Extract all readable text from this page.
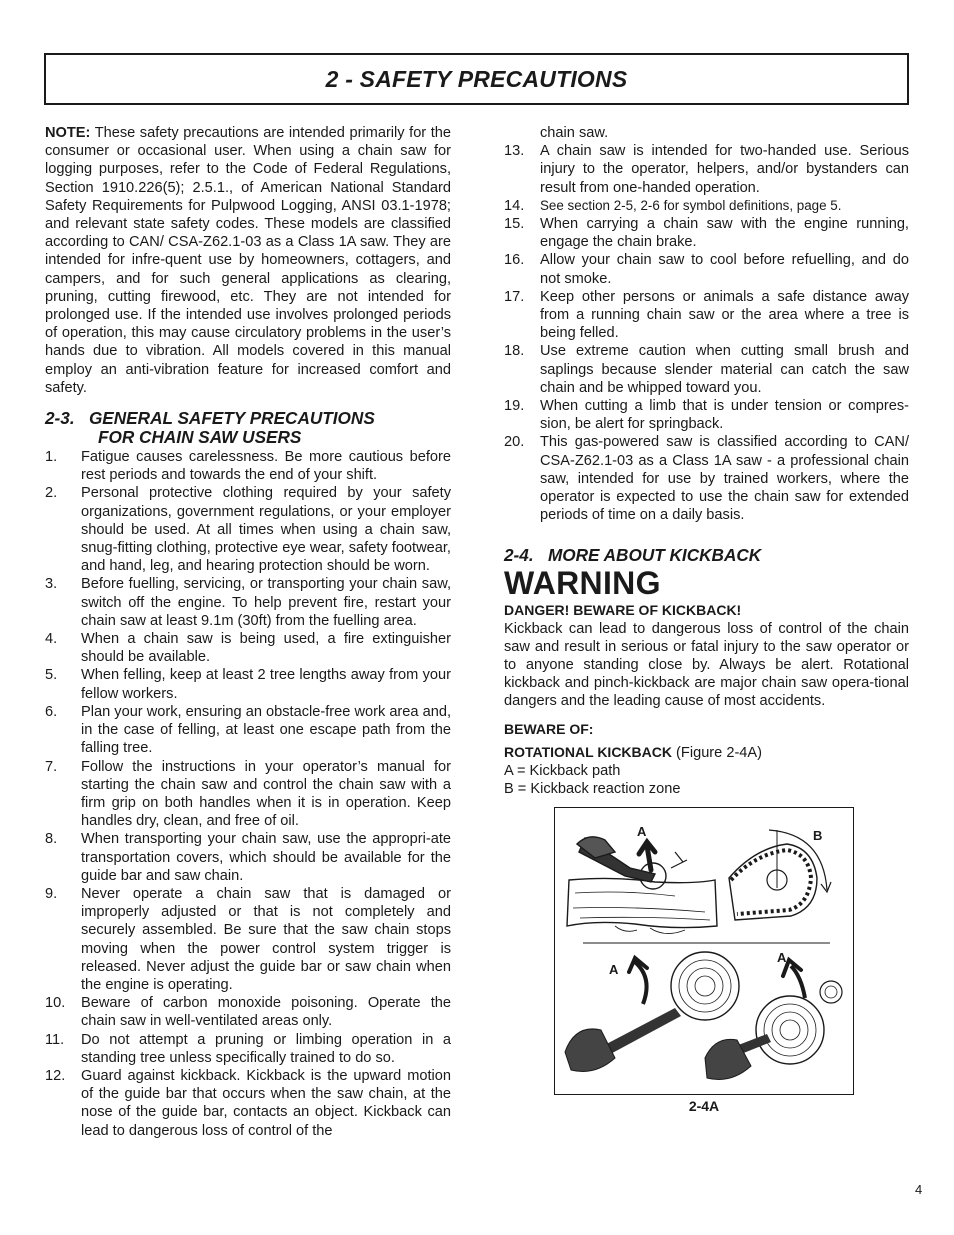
2 - SAFETY PRECAUTIONS

NOTE: These safety precautions are intended primarily for the consumer or occasional user. When using a chain saw for logging purposes, refer to the Code of Federal Regulations, Section 1910.226(5); 2.5.1., of American National Standard Safety Requirements for Pulpwood Logging, ANSI 03.1-1978; and relevant state safety codes. These models are classified according to CAN/ CSA-Z62.1-03 as a Class 1A saw. They are intended for infre-quent use by homeowners, cottagers, and campers, and for such general applications as clearing, pruning, cutting firewood, etc. They are not intended for prolonged use. If the intended use involves prolonged periods of operation, this may cause circulatory problems in the user’s hands due to vibration. All models covered in this manual employ an anti-vibration feature for increased comfort and safety.

2-3.   GENERAL SAFETY PRECAUTIONS
FOR CHAIN SAW USERS
1.	Fatigue causes carelessness. Be more cautious before rest periods and towards the end of your shift.
2.	Personal protective clothing required by your safety organizations, government regulations, or your employer should be used. At all times when using a chain saw, snug-fitting clothing, protective eye wear, safety footwear, and hand, leg, and hearing protection should be worn.
3.	Before fuelling, servicing, or transporting your chain saw, switch off the engine. To help prevent fire, restart your chain saw at least 9.1m (30ft) from the fuelling area.
4.	When a chain saw is being used, a fire extinguisher should be available.
5.	When felling, keep at least 2 tree lengths away from your fellow workers.
6.	Plan your work, ensuring an obstacle-free work area and, in the case of felling, at least one escape path from the falling tree.
7.	Follow the instructions in your operator’s manual for starting the chain saw and control the chain saw with a firm grip on both handles when it is in operation. Keep handles dry, clean, and free of oil.
8.	When transporting your chain saw, use the appropri-ate transportation covers, which should be available for the guide bar and saw chain.
9.	Never operate a chain saw that is damaged or improperly adjusted or that is not completely and securely assembled. Be sure that the saw chain stops moving when the power control system trigger is released. Never adjust the guide bar or saw chain when the engine is operating.
10.	Beware of carbon monoxide poisoning. Operate the chain saw in well-ventilated areas only.
11.	Do not attempt a pruning or limbing operation in a standing tree unless specifically trained to do so.
12.	Guard against kickback. Kickback is the upward motion of the guide bar that occurs when the saw chain, at the nose of the guide bar, contacts an object. Kickback can lead to dangerous loss of control of the
chain saw.
13.	A chain saw is intended for two-handed use. Serious injury to the operator, helpers, and/or bystanders can result from one-handed operation.
14.	See section 2-5, 2-6 for symbol definitions, page 5.
15.	When carrying a chain saw with the engine running, engage the chain brake.
16.	Allow your chain saw to cool before refuelling, and do not smoke.
17.	Keep other persons or animals a safe distance away from a running chain saw or the area where a tree is being felled.
18.	Use extreme caution when cutting small brush and saplings because slender material can catch the saw chain and be whipped toward you.
19.	When cutting a limb that is under tension or compres-sion, be alert for springback.
20.	This gas-powered saw is classified according to CAN/ CSA-Z62.1-03 as a Class 1A saw - a professional chain saw, intended for use by trained workers, where the operator is expected to use the chain saw for extended periods of time on a daily basis.
2-4.   MORE ABOUT KICKBACK
WARNING

DANGER! BEWARE OF KICKBACK!

Kickback can lead to dangerous loss of control of the chain saw and result in serious or fatal injury to the saw operator or to anyone standing close by. Always be alert. Rotational kickback and pinch-kickback are major chain saw opera-tional dangers and the leading cause of most accidents.

BEWARE OF:

ROTATIONAL KICKBACK (Figure 2-4A)

A = Kickback path

B = Kickback reaction zone

A	B
A
A
2-4A
4
